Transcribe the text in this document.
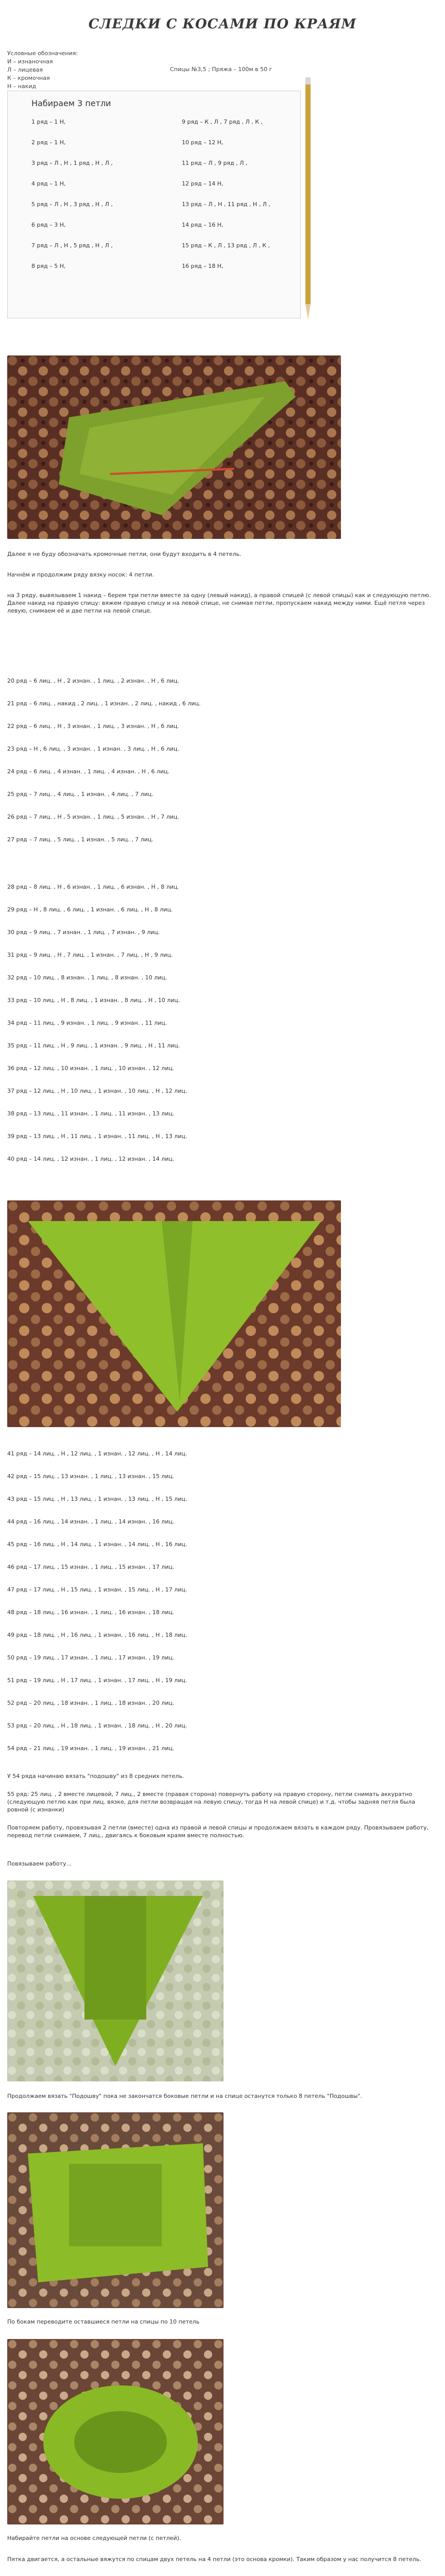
СЛЕДКИ С КОСАМИ ПО КРАЯМ
Условные обозначения:
И – изнаночная
Л – лицевая
К – кромочная
Н – накид
Спицы №3,5 ; Пряжа – 100м в 50 г
Набираем 3 петли
1 ряд – 1 Н,
2 ряд – 1 Н,
3 ряд – Л , Н , 1 ряд , Н , Л ,
4 ряд – 1 Н,
5 ряд – Л , Н , 3 ряд , Н , Л ,
6 ряд – 3 Н,
7 ряд – Л , Н , 5 ряд , Н , Л ,
8 ряд – 5 Н,
9 ряд – К , Л , 7 ряд , Л , К ,
10 ряд – 12 Н,
11 ряд – Л , 9 ряд , Л ,
12 ряд – 14 Н,
13 ряд – Л , Н , 11 ряд , Н , Л ,
14 ряд – 16 Н,
15 ряд – К , Л , 13 ряд , Л , К ,
16 ряд – 18 Н,
Далее я не буду обозначать кромочные петли, они будут входить в 4 петель.
Начнём и продолжим ряду вязку носок: 4 петли.
на 3 ряду, вывязываем 1 накид – берем три петли вместе за одну (левый накид), а правой спицей (с левой спицы) как и следующую петлю. Далее накид на правую спицу: вяжем правую спицу и на левой спице, не снимая петли, пропускаем накид между ними. Ещё петля через левую, снимаем её и две петли на левой спице.
20 ряд – 6 лиц. , Н , 2 изнан. , 1 лиц. , 2 изнан. , Н , 6 лиц.
21 ряд – 6 лиц. , накид , 2 лиц. , 1 изнан. , 2 лиц. , накид , 6 лиц.
22 ряд – 6 лиц. , Н , 3 изнан. , 1 лиц. , 3 изнан. , Н , 6 лиц.
23 ряд – Н , 6 лиц. , 3 изнан. , 1 изнан. , 3 лиц. , Н , 6 лиц.
24 ряд – 6 лиц. , 4 изнан. , 1 лиц. , 4 изнан. , Н , 6 лиц.
25 ряд – 7 лиц. , 4 лиц. , 1 изнан. , 4 лиц. , 7 лиц.
26 ряд – 7 лиц. , Н , 5 изнан. , 1 лиц. , 5 изнан. , Н , 7 лиц.
27 ряд – 7 лиц. , 5 лиц. , 1 изнан. , 5 лиц. , 7 лиц.
28 ряд – 8 лиц. , Н , 6 изнан. , 1 лиц. , 6 изнан. , Н , 8 лиц.
29 ряд – Н , 8 лиц. , 6 лиц. , 1 изнан. , 6 лиц. , Н , 8 лиц.
30 ряд – 9 лиц. , 7 изнан. , 1 лиц. , 7 изнан. , 9 лиц.
31 ряд – 9 лиц. , Н , 7 лиц. , 1 изнан. , 7 лиц. , Н , 9 лиц.
32 ряд – 10 лиц. , 8 изнан. , 1 лиц. , 8 изнан. , 10 лиц.
33 ряд – 10 лиц. , Н , 8 лиц. , 1 изнан. , 8 лиц. , Н , 10 лиц.
34 ряд – 11 лиц. , 9 изнан. , 1 лиц. , 9 изнан. , 11 лиц.
35 ряд – 11 лиц. , Н , 9 лиц. , 1 изнан. , 9 лиц. , Н , 11 лиц.
36 ряд – 12 лиц. , 10 изнан. , 1 лиц. , 10 изнан. , 12 лиц.
37 ряд – 12 лиц. , Н , 10 лиц. , 1 изнан. , 10 лиц. , Н , 12 лиц.
38 ряд – 13 лиц. , 11 изнан. , 1 лиц. , 11 изнан. , 13 лиц.
39 ряд – 13 лиц. , Н , 11 лиц. , 1 изнан. , 11 лиц. , Н , 13 лиц.
40 ряд – 14 лиц. , 12 изнан. , 1 лиц. , 12 изнан. , 14 лиц.
41 ряд – 14 лиц. , Н , 12 лиц. , 1 изнан. , 12 лиц. , Н , 14 лиц.
42 ряд – 15 лиц. , 13 изнан. , 1 лиц. , 13 изнан. , 15 лиц.
43 ряд – 15 лиц. , Н , 13 лиц. , 1 изнан. , 13 лиц. , Н , 15 лиц.
44 ряд – 16 лиц. , 14 изнан. , 1 лиц. , 14 изнан. , 16 лиц.
45 ряд – 16 лиц. , Н , 14 лиц. , 1 изнан. , 14 лиц. , Н , 16 лиц.
46 ряд – 17 лиц. , 15 изнан. , 1 лиц. , 15 изнан. , 17 лиц.
47 ряд – 17 лиц. , Н , 15 лиц. , 1 изнан. , 15 лиц. , Н , 17 лиц.
48 ряд – 18 лиц. , 16 изнан. , 1 лиц. , 16 изнан. , 18 лиц.
49 ряд – 18 лиц. , Н , 16 лиц. , 1 изнан. , 16 лиц. , Н , 18 лиц.
50 ряд – 19 лиц. , 17 изнан. , 1 лиц. , 17 изнан. , 19 лиц.
51 ряд – 19 лиц. , Н , 17 лиц. , 1 изнан. , 17 лиц. , Н , 19 лиц.
52 ряд – 20 лиц. , 18 изнан. , 1 лиц. , 18 изнан. , 20 лиц.
53 ряд – 20 лиц. , Н , 18 лиц. , 1 изнан. , 18 лиц. , Н , 20 лиц.
54 ряд – 21 лиц. , 19 изнан. , 1 лиц. , 19 изнан. , 21 лиц.
У 54 ряда начинаю вязать "подошву" из 8 средних петель.
55 ряд: 25 лиц. , 2 вместе лицевой, 7 лиц., 2 вместе (правая сторона) повернуть работу на правую сторону, петли снимать аккуратно (следующую петлю как при лиц. вязке, для петли возвращая на левую спицу, тогда Н на левой спице) и т.д. чтобы задняя петля была ровной (с изнанки)
Повторяем работу, провязывая 2 петли (вместе) одна из правой и левой спицы и продолжаем вязать в каждом ряду. Провязываем работу, перевод петли снимаем, 7 лиц., двигаясь к боковым краям вместе полностью.
Повязываем работу...
Продолжаем вязать "Подошву" пока не закончатся боковые петли и на спице останутся только 8 петель "Подошвы".
По бокам переводите оставшиеся петли на спицы по 10 петель
Набирайте петли на основе следующей петли (с петлей).
Пятка двигается, а остальные вяжутся по спицам двух петель на 4 петли (это основа кромки). Таким образом у нас получится 8 петель.
